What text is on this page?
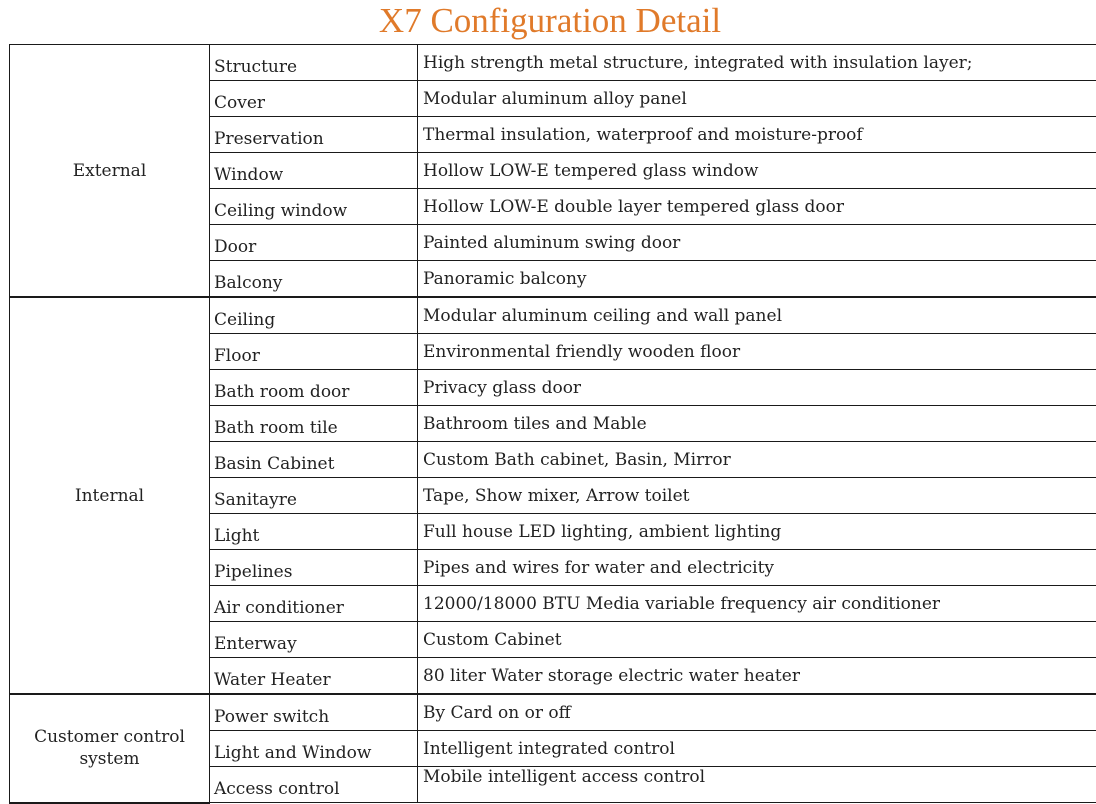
X7 Configuration Detail
External	Structure	High strength metal structure, integrated with insulation layer;
	Cover	Modular aluminum alloy panel
	Preservation	Thermal insulation, waterproof and moisture-proof
	Window	Hollow LOW-E tempered glass window
	Ceiling window	Hollow LOW-E double layer tempered glass door
	Door	Painted aluminum swing door
	Balcony	Panoramic balcony
Internal	Ceiling	Modular aluminum ceiling and wall panel
	Floor	Environmental friendly wooden floor
	Bath room door	Privacy glass door
	Bath room tile	Bathroom tiles and Mable
	Basin Cabinet	Custom Bath cabinet, Basin, Mirror
	Sanitayre	Tape, Show mixer, Arrow toilet
	Light	Full house LED lighting, ambient lighting
	Pipelines	Pipes and wires for water and electricity
	Air conditioner	12000/18000 BTU Media variable frequency air conditioner
	Enterway	Custom Cabinet
	Water Heater	80 liter Water storage electric water heater
Customer control system	Power switch	By Card on or off
	Light and Window	Intelligent integrated control
	Access control	Mobile intelligent access control
